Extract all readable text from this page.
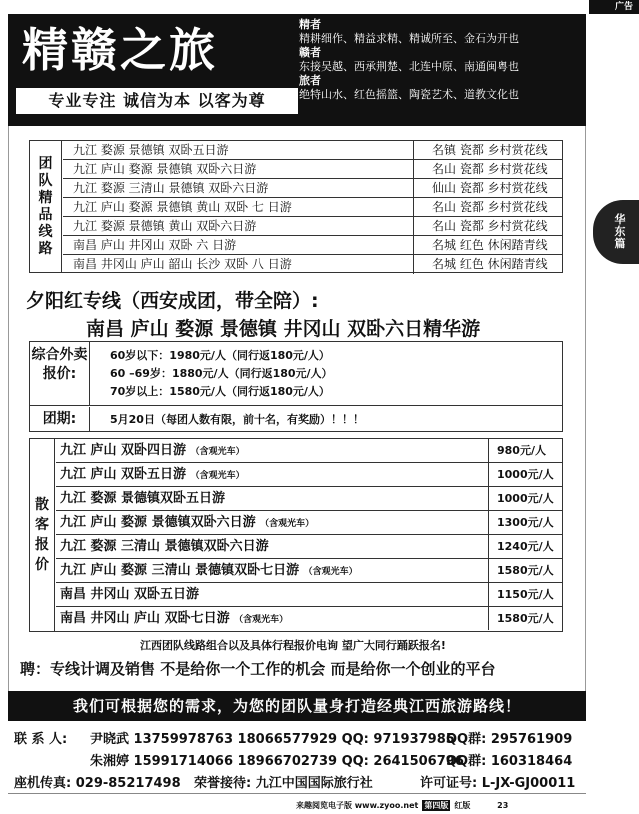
广告
精赣之旅
专业专注 诚信为本 以客为尊
精者
精耕细作、精益求精、精诚所至、金石为开也
赣者
东接吴越、西承荆楚、北连中原、南通闽粤也
旅者
绝特山水、红色摇篮、陶瓷艺术、道教文化也
华东篇
团队精品线路
九江 婺源 景德镇 双卧五日游	名镇 瓷都 乡村赏花线
九江 庐山 婺源 景德镇 双卧六日游	名山 瓷都 乡村赏花线
九江 婺源 三清山 景德镇 双卧六日游	仙山 瓷都 乡村赏花线
九江 庐山 婺源 景德镇 黄山 双卧 七 日游	名山 瓷都 乡村赏花线
九江 婺源 景德镇 黄山 双卧六日游	名山 瓷都 乡村赏花线
南昌 庐山 井冈山 双卧 六 日游	名城 红色 休闲踏青线
南昌 井冈山 庐山 韶山 长沙 双卧 八 日游	名城 红色 休闲踏青线
夕阳红专线（西安成团，带全陪）:
南昌 庐山 婺源 景德镇 井冈山 双卧六日精华游
综合外卖报价:
60岁以下：1980元/人（同行返180元/人）
60 –69岁：1880元/人（同行返180元/人）
70岁以上：1580元/人（同行返180元/人）
团期:	5月20日（每团人数有限，前十名，有奖励）！！！
散客报价
九江 庐山 双卧四日游 （含观光车）	980元/人
九江 庐山 双卧五日游 （含观光车）	1000元/人
九江 婺源 景德镇双卧五日游	1000元/人
九江 庐山 婺源 景德镇双卧六日游 （含观光车）	1300元/人
九江 婺源 三清山 景德镇双卧六日游	1240元/人
九江 庐山 婺源 三清山 景德镇双卧七日游 （含观光车）	1580元/人
南昌 井冈山 双卧五日游	1150元/人
南昌 井冈山 庐山 双卧七日游 （含观光车）	1580元/人
江西团队线路组合以及具体行程报价电询 望广大同行踊跃报名!
聘：专线计调及销售 不是给你一个工作的机会 而是给你一个创业的平台
我们可根据您的需求，为您的团队量身打造经典江西旅游路线！
联 系 人: 尹晓武 13759978763 18066577929 QQ: 971937985
QQ群: 295761909
朱湘婷 15991714066 18966702739 QQ: 2641506796
QQ群: 160318464
座机传真: 029-85217498 荣誉接待: 九江中国国际旅行社	许可证号: L-JX-GJ00011
来趣阅览电子版 www.zyoo.net 第四版 红版	23
